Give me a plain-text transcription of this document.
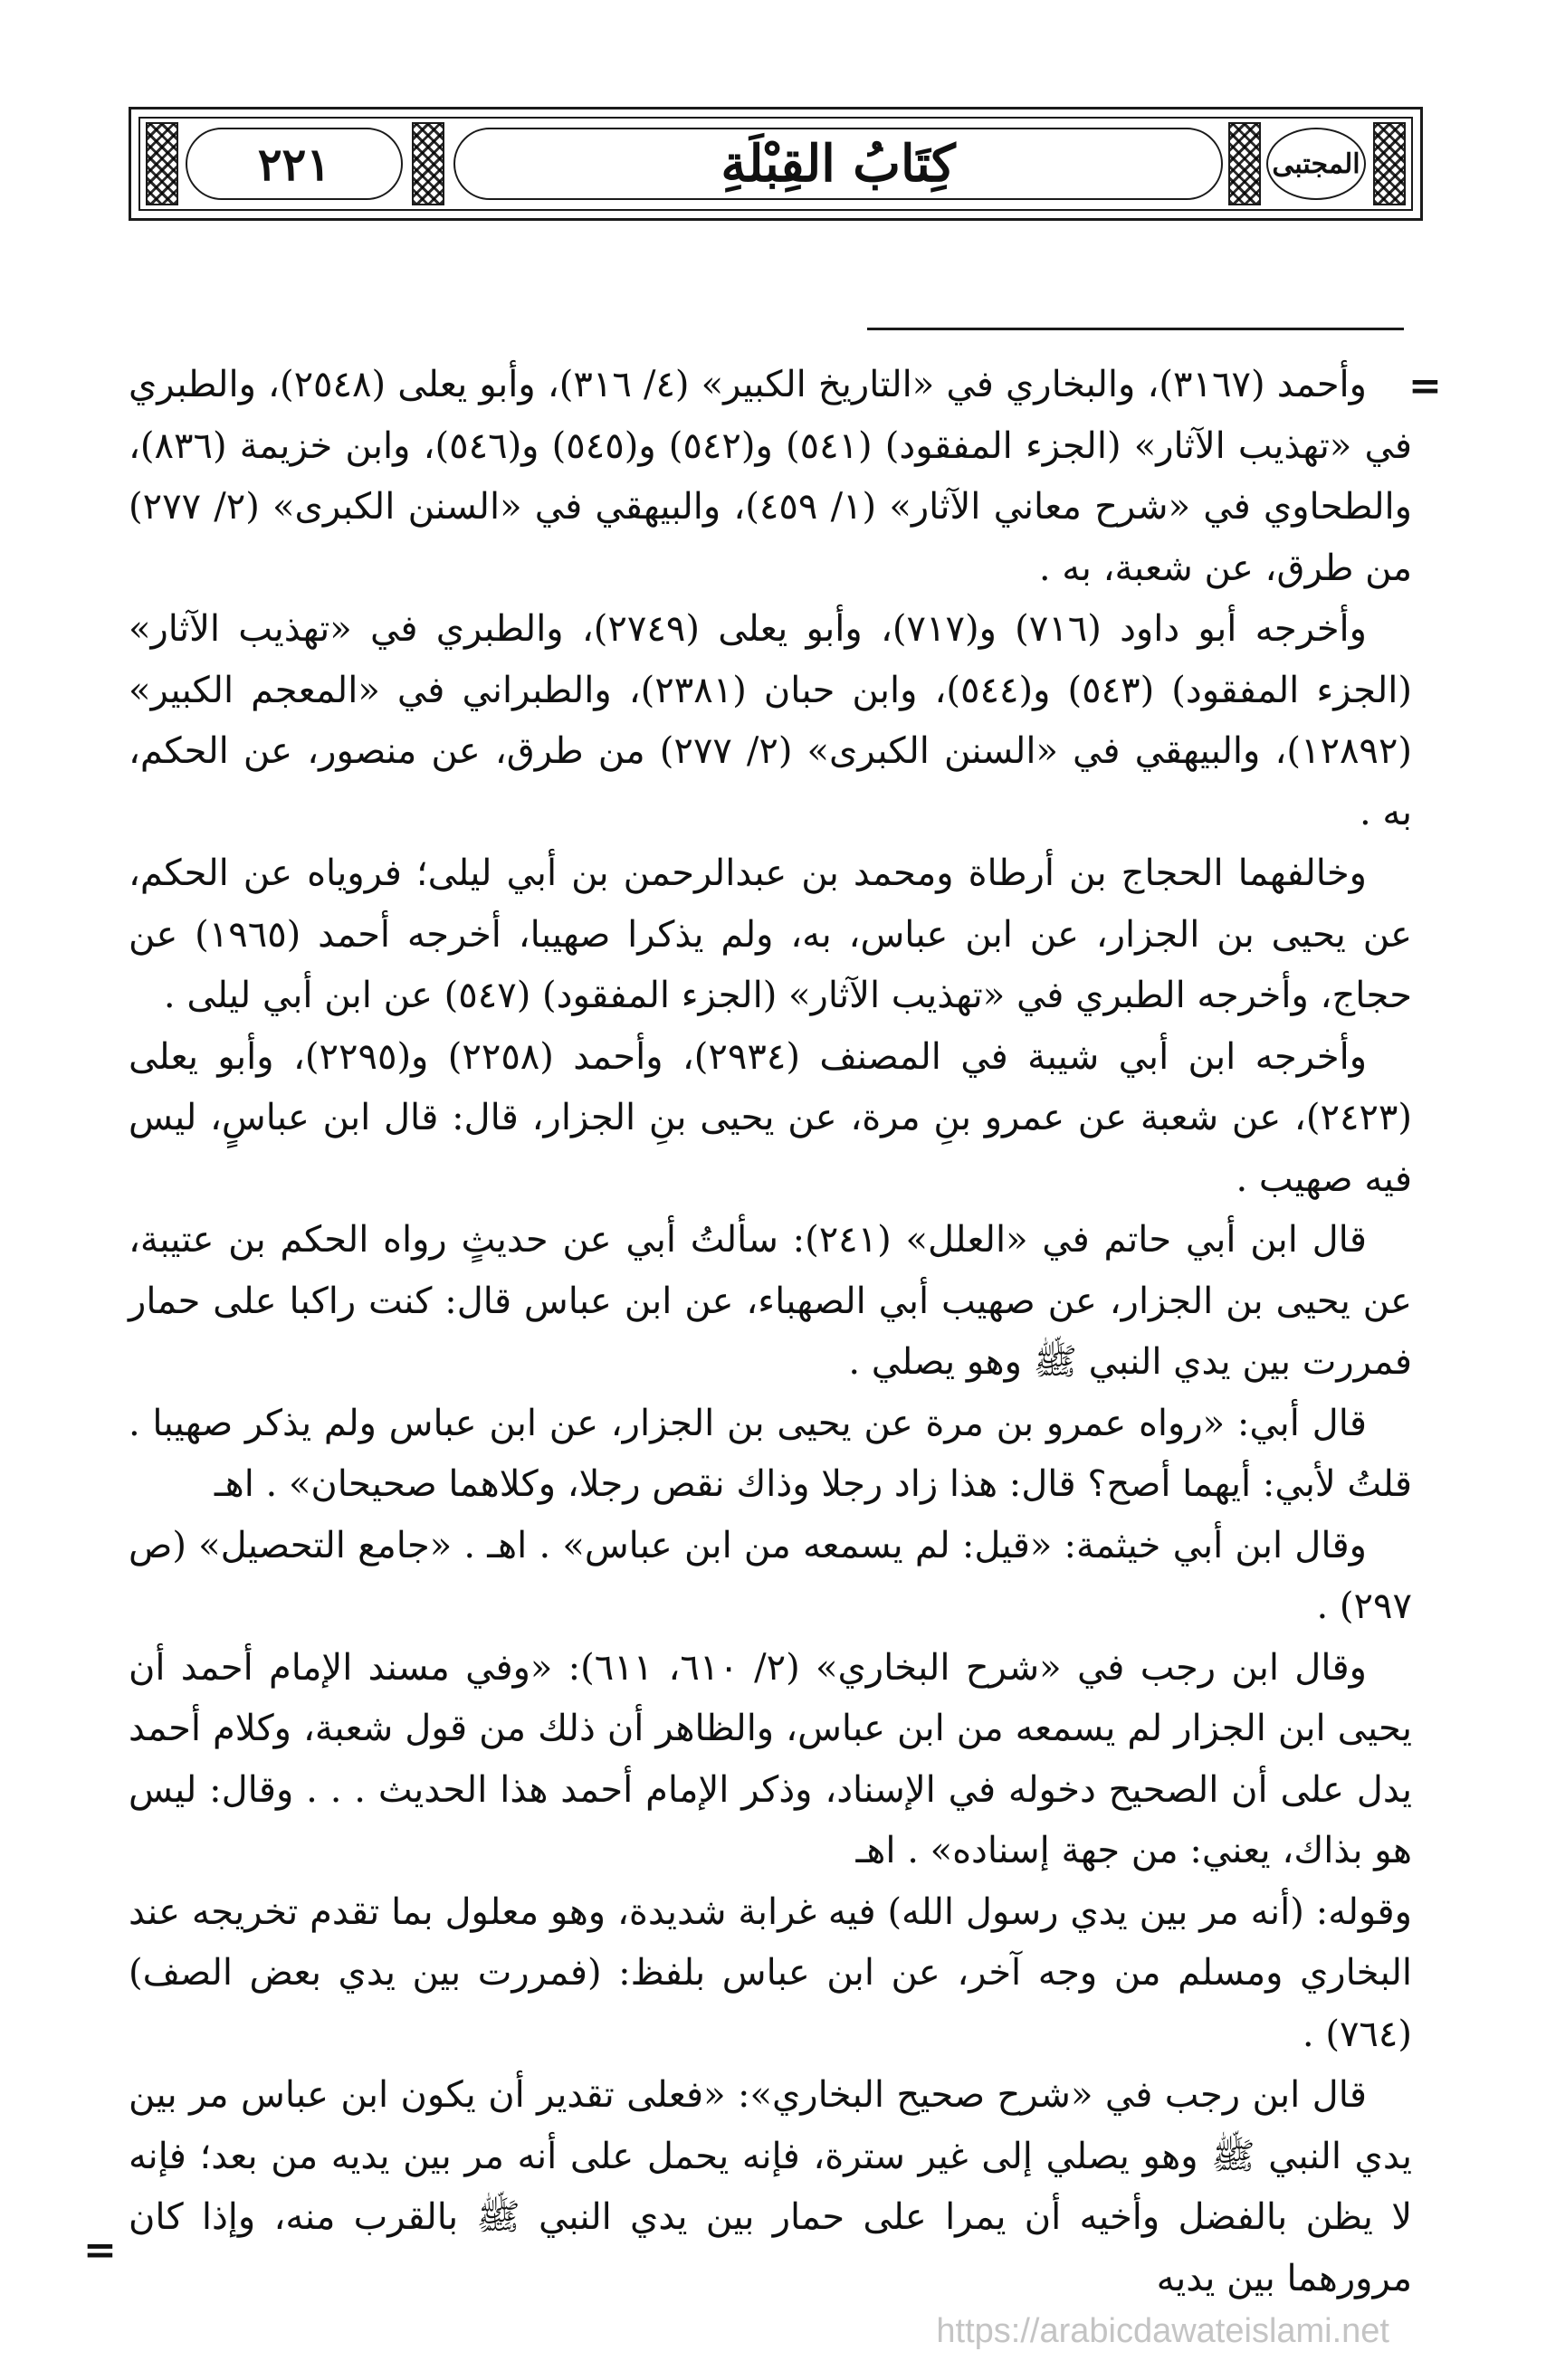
٢٢١	كِتَابُ القِبْلَةِ	المجتبى
=

وأحمد (٣١٦٧)، والبخاري في «التاريخ الكبير» (٤/ ٣١٦)، وأبو يعلى (٢٥٤٨)، والطبري في «تهذيب الآثار» (الجزء المفقود) (٥٤١) و(٥٤٢) و(٥٤٥) و(٥٤٦)، وابن خزيمة (٨٣٦)، والطحاوي في «شرح معاني الآثار» (١/ ٤٥٩)، والبيهقي في «السنن الكبرى» (٢/ ٢٧٧) من طرق، عن شعبة، به .

وأخرجه أبو داود (٧١٦) و(٧١٧)، وأبو يعلى (٢٧٤٩)، والطبري في «تهذيب الآثار» (الجزء المفقود) (٥٤٣) و(٥٤٤)، وابن حبان (٢٣٨١)، والطبراني في «المعجم الكبير» (١٢٨٩٢)، والبيهقي في «السنن الكبرى» (٢/ ٢٧٧) من طرق، عن منصور، عن الحكم، به .

وخالفهما الحجاج بن أرطاة ومحمد بن عبدالرحمن بن أبي ليلى؛ فروياه عن الحكم، عن يحيى بن الجزار، عن ابن عباس، به، ولم يذكرا صهيبا، أخرجه أحمد (١٩٦٥) عن حجاج، وأخرجه الطبري في «تهذيب الآثار» (الجزء المفقود) (٥٤٧) عن ابن أبي ليلى .

وأخرجه ابن أبي شيبة في المصنف (٢٩٣٤)، وأحمد (٢٢٥٨) و(٢٢٩٥)، وأبو يعلى (٢٤٢٣)، عن شعبة عن عمرو بنِ مرة، عن يحيى بنِ الجزار، قال: قال ابن عباسٍ، ليس فيه صهيب .

قال ابن أبي حاتم في «العلل» (٢٤١): سألتُ أبي عن حديثٍ رواه الحكم بن عتيبة، عن يحيى بن الجزار، عن صهيب أبي الصهباء، عن ابن عباس قال: كنت راكبا على حمار فمررت بين يدي النبي ﷺ وهو يصلي .

قال أبي: «رواه عمرو بن مرة عن يحيى بن الجزار، عن ابن عباس ولم يذكر صهيبا . قلتُ لأبي: أيهما أصح؟ قال: هذا زاد رجلا وذاك نقص رجلا، وكلاهما صحيحان» . اهـ

وقال ابن أبي خيثمة: «قيل: لم يسمعه من ابن عباس» . اهـ . «جامع التحصيل» (ص ٢٩٧) .

وقال ابن رجب في «شرح البخاري» (٢/ ٦١٠، ٦١١): «وفي مسند الإمام أحمد أن يحيى ابن الجزار لم يسمعه من ابن عباس، والظاهر أن ذلك من قول شعبة، وكلام أحمد يدل على أن الصحيح دخوله في الإسناد، وذكر الإمام أحمد هذا الحديث . . . وقال: ليس هو بذاك، يعني: من جهة إسناده» . اهـ

وقوله: (أنه مر بين يدي رسول الله) فيه غرابة شديدة، وهو معلول بما تقدم تخريجه عند البخاري ومسلم من وجه آخر، عن ابن عباس بلفظ: (فمررت بين يدي بعض الصف) (٧٦٤) .

قال ابن رجب في «شرح صحيح البخاري»: «فعلى تقدير أن يكون ابن عباس مر بين يدي النبي ﷺ وهو يصلي إلى غير سترة، فإنه يحمل على أنه مر بين يديه من بعد؛ فإنه لا يظن بالفضل وأخيه أن يمرا على حمار بين يدي النبي ﷺ بالقرب منه، وإذا كان مرورهما بين يديه

=
https://arabicdawateislami.net
